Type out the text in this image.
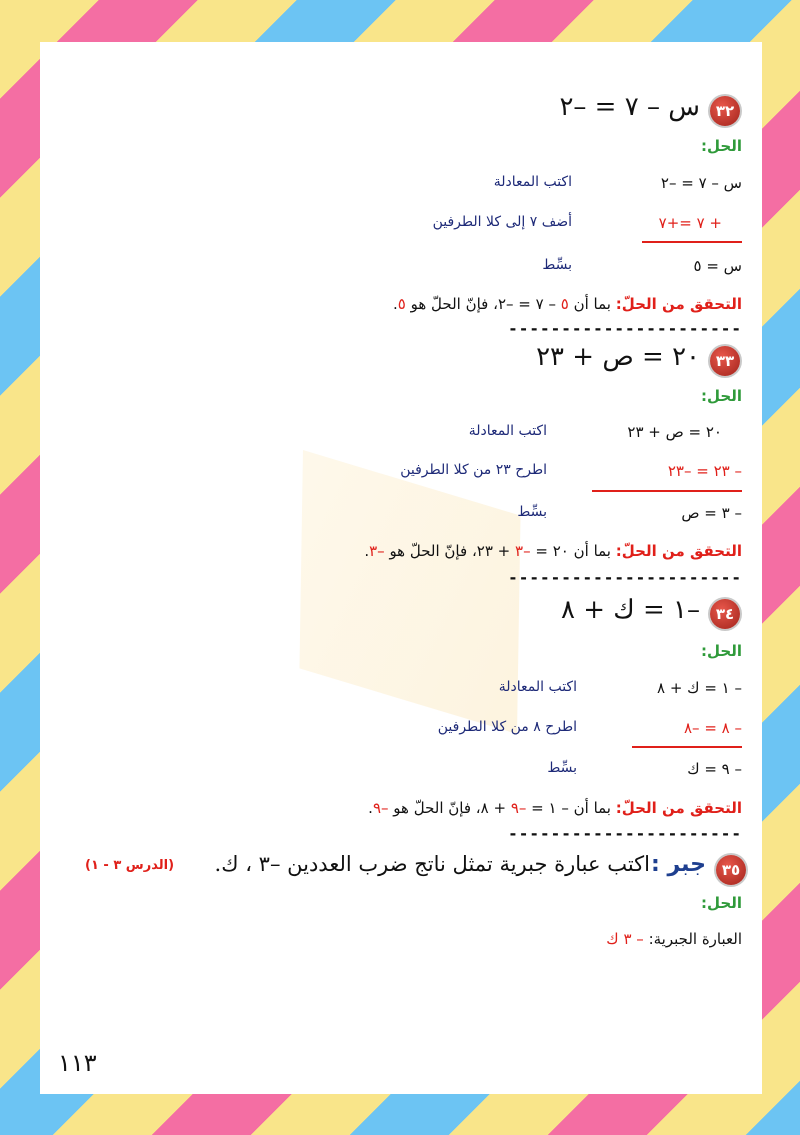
٣٢
س – ٧ = –٢
الحل:
س – ٧ = –٢
اكتب المعادلة
+ ٧ =+٧
أضف ٧ إلى كلا الطرفين
س = ٥
بسِّط
التحقق من الحلّ: بما أن ٥ – ٧ = –٢، فإنّ الحلّ هو ٥.
----------------------
٣٣
٢٠ = ص + ٢٣
الحل:
٢٠ = ص + ٢٣
اكتب المعادلة
– ٢٣ = –٢٣
اطرح ٢٣ من كلا الطرفين
– ٣ = ص
بسِّط
التحقق من الحلّ: بما أن ٢٠ = –٣ + ٢٣، فإنّ الحلّ هو –٣.
----------------------
٣٤
–١ = ك + ٨
الحل:
– ١ = ك + ٨
اكتب المعادلة
– ٨ = –٨
اطرح ٨ من كلا الطرفين
– ٩ = ك
بسِّط
التحقق من الحلّ: بما أن – ١ = –٩ + ٨، فإنّ الحلّ هو –٩.
----------------------
٣٥
جبر :
اكتب عبارة جبرية تمثل ناتج ضرب العددين –٣ ، ك.
(الدرس ٣ - ١)
الحل:
العبارة الجبرية: – ٣ ك
١١٣
